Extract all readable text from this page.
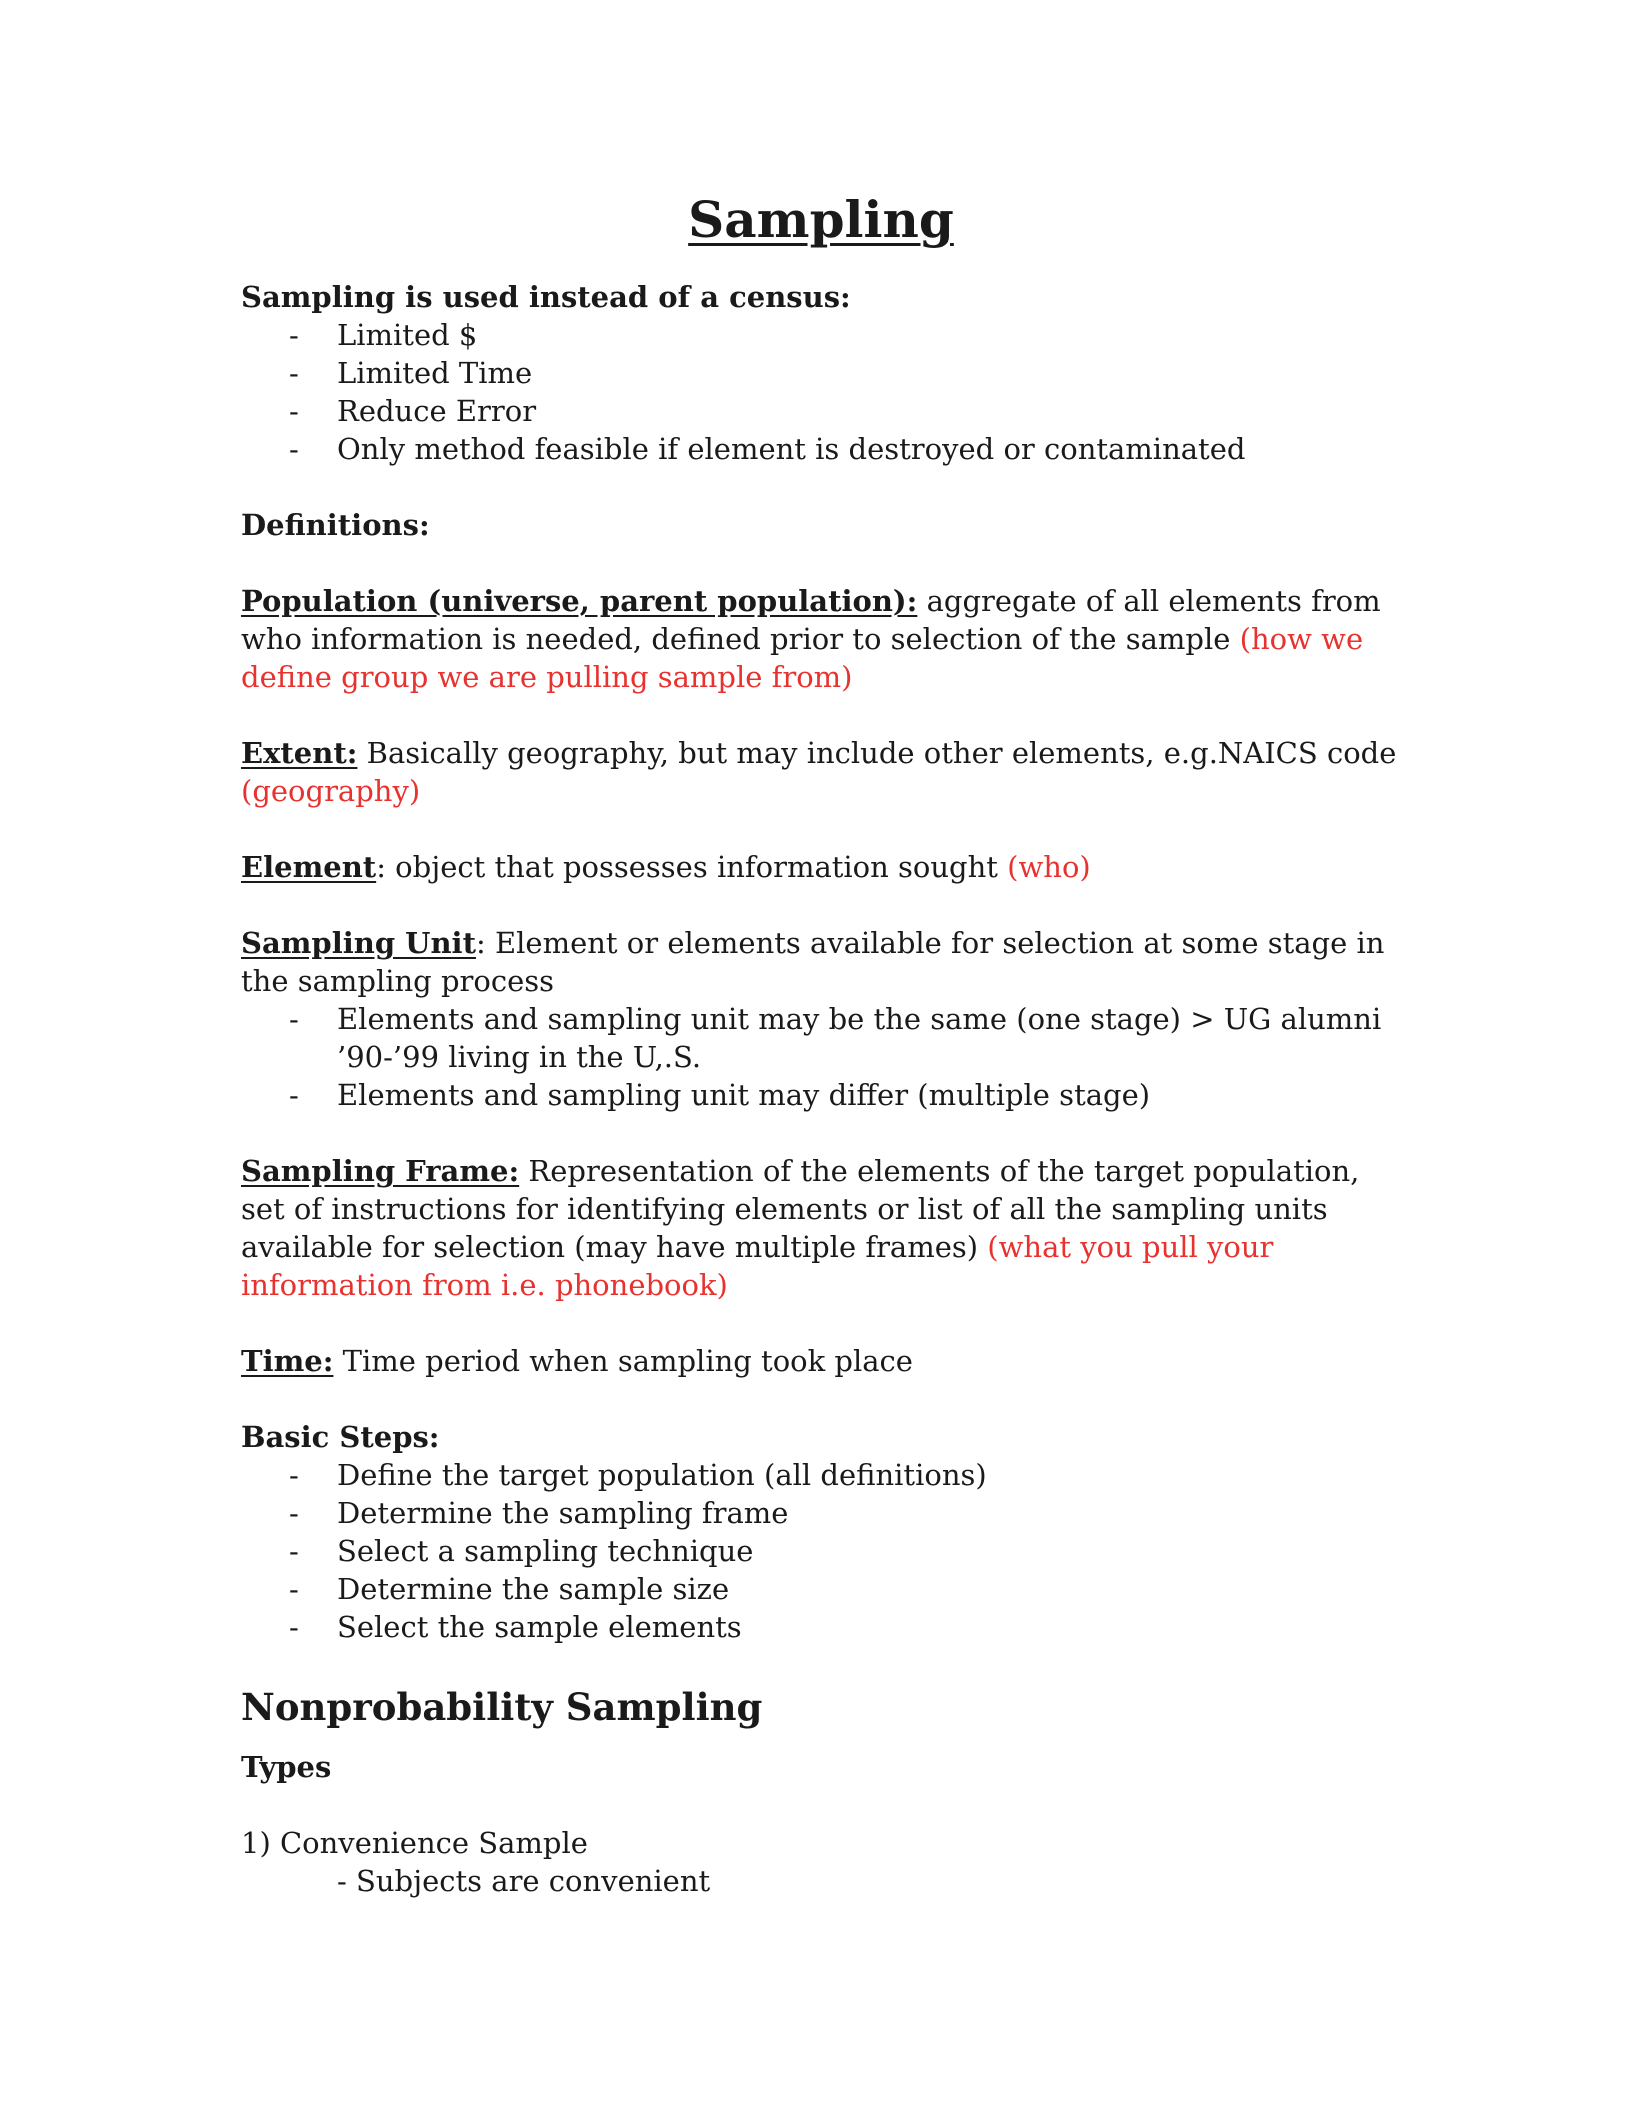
Sampling

Sampling is used instead of a census:

- Limited $
- Limited Time
- Reduce Error
- Only method feasible if element is destroyed or contaminated

Definitions:

Population (universe, parent population): aggregate of all elements from who information is needed, defined prior to selection of the sample (how we define group we are pulling sample from)

Extent: Basically geography, but may include other elements, e.g.NAICS code (geography)

Element: object that possesses information sought (who)

Sampling Unit: Element or elements available for selection at some stage in the sampling process

- Elements and sampling unit may be the same (one stage) > UG alumni ’90-’99 living in the U,.S.
- Elements and sampling unit may differ (multiple stage)

Sampling Frame: Representation of the elements of the target population, set of instructions for identifying elements or list of all the sampling units available for selection (may have multiple frames) (what you pull your information from i.e. phonebook)

Time: Time period when sampling took place

Basic Steps:

- Define the target population (all definitions)
- Determine the sampling frame
- Select a sampling technique
- Determine the sample size
- Select the sample elements
Nonprobability Sampling

Types

1) Convenience Sample

- Subjects are convenient
